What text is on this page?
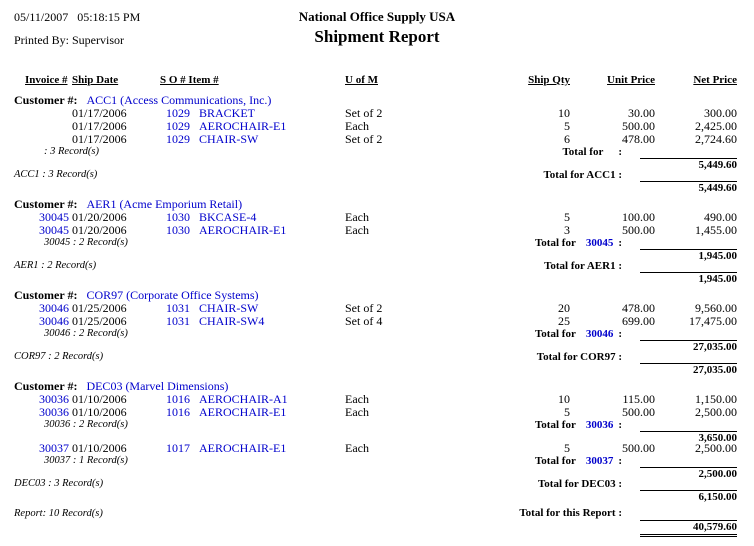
05/11/2007   05:18:15 PM
Printed By: Supervisor
National Office Supply USA
Shipment Report
Invoice # Ship Date	S O # Item #	U of M	Ship Qty	Unit Price	Net Price
Customer #: ACC1 (Access Communications, Inc.)
01/17/2006	1029 BRACKET	Set of 2	10	30.00	300.00
01/17/2006	1029 AEROCHAIR-E1	Each	5	500.00	2,425.00
01/17/2006	1029 CHAIR-SW	Set of 2	6	478.00	2,724.60
: 3 Record(s)	Total for :
5,449.60
ACC1 : 3 Record(s)	Total for ACC1 :
5,449.60
Customer #: AER1 (Acme Emporium Retail)
30045 01/20/2006	1030 BKCASE-4	Each	5	100.00	490.00
30045 01/20/2006	1030 AEROCHAIR-E1	Each	3	500.00	1,455.00
30045 : 2 Record(s)	Total for 30045 :
1,945.00
AER1 : 2 Record(s)	Total for AER1 :
1,945.00
Customer #: COR97 (Corporate Office Systems)
30046 01/25/2006	1031 CHAIR-SW	Set of 2	20	478.00	9,560.00
30046 01/25/2006	1031 CHAIR-SW4	Set of 4	25	699.00	17,475.00
30046 : 2 Record(s)	Total for 30046 :
27,035.00
COR97 : 2 Record(s)	Total for COR97 :
27,035.00
Customer #: DEC03 (Marvel Dimensions)
30036 01/10/2006	1016 AEROCHAIR-A1	Each	10	115.00	1,150.00
30036 01/10/2006	1016 AEROCHAIR-E1	Each	5	500.00	2,500.00
30036 : 2 Record(s)	Total for 30036 :
3,650.00
30037 01/10/2006	1017 AEROCHAIR-E1	Each	5	500.00	2,500.00
30037 : 1 Record(s)	Total for 30037 :
2,500.00
DEC03 : 3 Record(s)	Total for DEC03 :
6,150.00
Report: 10 Record(s)	Total for this Report :
40,579.60
